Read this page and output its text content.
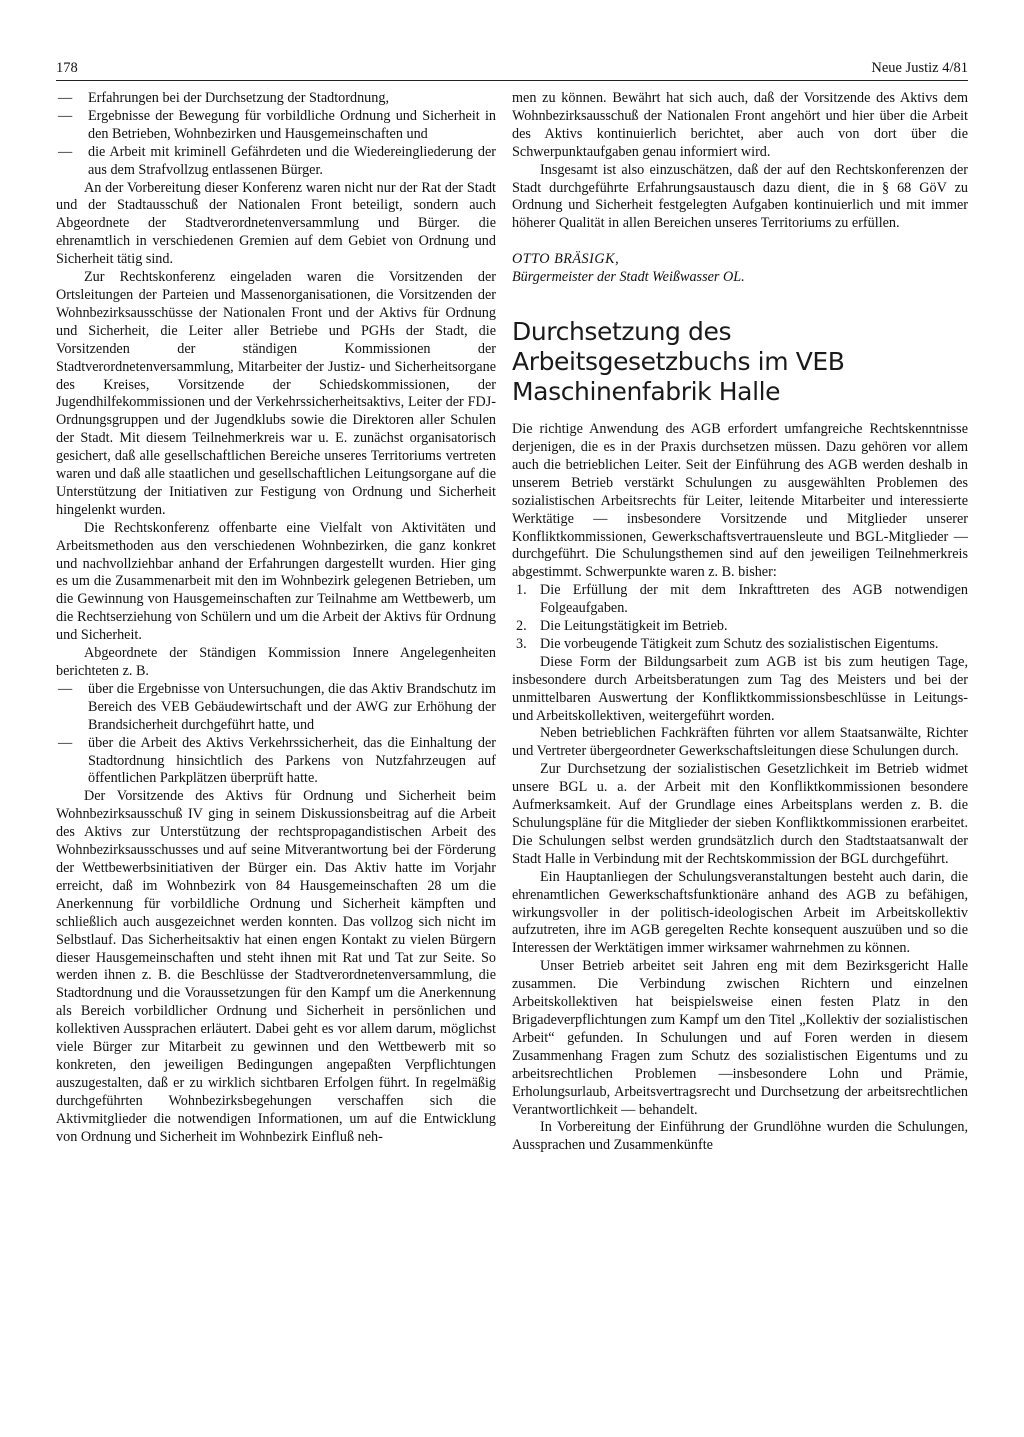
178	Neue Justiz 4/81
—	Erfahrungen bei der Durchsetzung der Stadtordnung,
—	Ergebnisse der Bewegung für vorbildliche Ordnung und Sicherheit in den Betrieben, Wohnbezirken und Hausgemeinschaften und
—	die Arbeit mit kriminell Gefährdeten und die Wiedereingliederung der aus dem Strafvollzug entlassenen Bürger.

An der Vorbereitung dieser Konferenz waren nicht nur der Rat der Stadt und der Stadtausschuß der Nationalen Front beteiligt, sondern auch Abgeordnete der Stadtverordnetenversammlung und Bürger. die ehrenamtlich in verschiedenen Gremien auf dem Gebiet von Ordnung und Sicherheit tätig sind.

Zur Rechtskonferenz eingeladen waren die Vorsitzenden der Ortsleitungen der Parteien und Massenorganisationen, die Vorsitzenden der Wohnbezirksausschüsse der Nationalen Front und der Aktivs für Ordnung und Sicherheit, die Leiter aller Betriebe und PGHs der Stadt, die Vorsitzenden der ständigen Kommissionen der Stadtverordnetenversammlung, Mitarbeiter der Justiz- und Sicherheitsorgane des Kreises, Vorsitzende der Schiedskommissionen, der Jugendhilfekommissionen und der Verkehrssicherheitsaktivs, Leiter der FDJ-Ordnungsgruppen und der Jugendklubs sowie die Direktoren aller Schulen der Stadt. Mit diesem Teilnehmerkreis war u. E. zunächst organisatorisch gesichert, daß alle gesellschaftlichen Bereiche unseres Territoriums vertreten waren und daß alle staatlichen und gesellschaftlichen Leitungsorgane auf die Unterstützung der Initiativen zur Festigung von Ordnung und Sicherheit hingelenkt wurden.

Die Rechtskonferenz offenbarte eine Vielfalt von Aktivitäten und Arbeitsmethoden aus den verschiedenen Wohnbezirken, die ganz konkret und nachvollziehbar anhand der Erfahrungen dargestellt wurden. Hier ging es um die Zusammenarbeit mit den im Wohnbezirk gelegenen Betrieben, um die Gewinnung von Hausgemeinschaften zur Teilnahme am Wettbewerb, um die Rechtserziehung von Schülern und um die Arbeit der Aktivs für Ordnung und Sicherheit.

Abgeordnete der Ständigen Kommission Innere Angelegenheiten berichteten z. B.

—	über die Ergebnisse von Untersuchungen, die das Aktiv Brandschutz im Bereich des VEB Gebäudewirtschaft und der AWG zur Erhöhung der Brandsicherheit durchgeführt hatte, und
—	über die Arbeit des Aktivs Verkehrssicherheit, das die Einhaltung der Stadtordnung hinsichtlich des Parkens von Nutzfahrzeugen auf öffentlichen Parkplätzen überprüft hatte.

Der Vorsitzende des Aktivs für Ordnung und Sicherheit beim Wohnbezirksausschuß IV ging in seinem Diskussionsbeitrag auf die Arbeit des Aktivs zur Unterstützung der rechtspropagandistischen Arbeit des Wohnbezirksausschusses und auf seine Mitverantwortung bei der Förderung der Wettbewerbsinitiativen der Bürger ein. Das Aktiv hatte im Vorjahr erreicht, daß im Wohnbezirk von 84 Hausgemeinschaften 28 um die Anerkennung für vorbildliche Ordnung und Sicherheit kämpften und schließlich auch ausgezeichnet werden konnten. Das vollzog sich nicht im Selbstlauf. Das Sicherheitsaktiv hat einen engen Kontakt zu vielen Bürgern dieser Hausgemeinschaften und steht ihnen mit Rat und Tat zur Seite. So werden ihnen z. B. die Beschlüsse der Stadtverordnetenversammlung, die Stadtordnung und die Voraussetzungen für den Kampf um die Anerkennung als Bereich vorbildlicher Ordnung und Sicherheit in persönlichen und kollektiven Aussprachen erläutert. Dabei geht es vor allem darum, möglichst viele Bürger zur Mitarbeit zu gewinnen und den Wettbewerb mit so konkreten, den jeweiligen Bedingungen angepaßten Verpflichtungen auszugestalten, daß er zu wirklich sichtbaren Erfolgen führt. In regelmäßig durchgeführten Wohnbezirksbegehungen verschaffen sich die Aktivmitglieder die notwendigen Informationen, um auf die Entwicklung von Ordnung und Sicherheit im Wohnbezirk Einfluß neh-

men zu können. Bewährt hat sich auch, daß der Vorsitzende des Aktivs dem Wohnbezirksausschuß der Nationalen Front angehört und hier über die Arbeit des Aktivs kontinuierlich berichtet, aber auch von dort über die Schwerpunktaufgaben genau informiert wird.

Insgesamt ist also einzuschätzen, daß der auf den Rechtskonferenzen der Stadt durchgeführte Erfahrungsaustausch dazu dient, die in § 68 GöV zu Ordnung und Sicherheit festgelegten Aufgaben kontinuierlich und mit immer höherer Qualität in allen Bereichen unseres Territoriums zu erfüllen.

OTTO BRÄSIGK,
Bürgermeister der Stadt Weißwasser OL.
Durchsetzung des Arbeitsgesetzbuchs im VEB Maschinenfabrik Halle

Die richtige Anwendung des AGB erfordert umfangreiche Rechtskenntnisse derjenigen, die es in der Praxis durchsetzen müssen. Dazu gehören vor allem auch die betrieblichen Leiter. Seit der Einführung des AGB werden deshalb in unserem Betrieb verstärkt Schulungen zu ausgewählten Problemen des sozialistischen Arbeitsrechts für Leiter, leitende Mitarbeiter und interessierte Werktätige — insbesondere Vorsitzende und Mitglieder unserer Konfliktkommissionen, Gewerkschaftsvertrauensleute und BGL-Mitglieder — durchgeführt. Die Schulungsthemen sind auf den jeweiligen Teilnehmerkreis abgestimmt. Schwerpunkte waren z. B. bisher:

1. Die Erfüllung der mit dem Inkrafttreten des AGB notwendigen Folgeaufgaben.
2. Die Leitungstätigkeit im Betrieb.
3. Die vorbeugende Tätigkeit zum Schutz des sozialistischen Eigentums.

Diese Form der Bildungsarbeit zum AGB ist bis zum heutigen Tage, insbesondere durch Arbeitsberatungen zum Tag des Meisters und bei der unmittelbaren Auswertung der Konfliktkommissionsbeschlüsse in Leitungs- und Arbeitskollektiven, weitergeführt worden.

Neben betrieblichen Fachkräften führten vor allem Staatsanwälte, Richter und Vertreter übergeordneter Gewerkschaftsleitungen diese Schulungen durch.

Zur Durchsetzung der sozialistischen Gesetzlichkeit im Betrieb widmet unsere BGL u. a. der Arbeit mit den Konfliktkommissionen besondere Aufmerksamkeit. Auf der Grundlage eines Arbeitsplans werden z. B. die Schulungspläne für die Mitglieder der sieben Konfliktkommissionen erarbeitet. Die Schulungen selbst werden grundsätzlich durch den Stadtstaatsanwalt der Stadt Halle in Verbindung mit der Rechtskommission der BGL durchgeführt.

Ein Hauptanliegen der Schulungsveranstaltungen besteht auch darin, die ehrenamtlichen Gewerkschaftsfunktionäre anhand des AGB zu befähigen, wirkungsvoller in der politisch-ideologischen Arbeit im Arbeitskollektiv aufzutreten, ihre im AGB geregelten Rechte konsequent auszuüben und so die Interessen der Werktätigen immer wirksamer wahrnehmen zu können.

Unser Betrieb arbeitet seit Jahren eng mit dem Bezirksgericht Halle zusammen. Die Verbindung zwischen Richtern und einzelnen Arbeitskollektiven hat beispielsweise einen festen Platz in den Brigadeverpflichtungen zum Kampf um den Titel „Kollektiv der sozialistischen Arbeit“ gefunden. In Schulungen und auf Foren werden in diesem Zusammenhang Fragen zum Schutz des sozialistischen Eigentums und zu arbeitsrechtlichen Problemen —insbesondere Lohn und Prämie, Erholungsurlaub, Arbeitsvertragsrecht und Durchsetzung der arbeitsrechtlichen Verantwortlichkeit — behandelt.

In Vorbereitung der Einführung der Grundlöhne wurden die Schulungen, Aussprachen und Zusammenkünfte
